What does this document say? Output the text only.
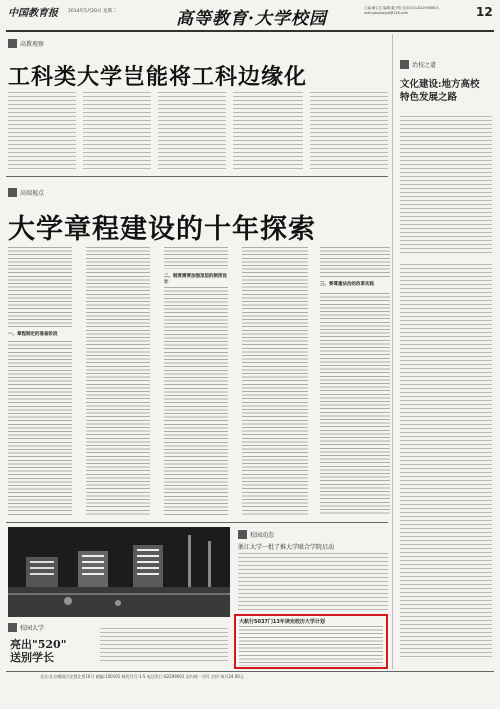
中国教育报 2014年5月20日 星期二	高等教育·大学校园
主编:储召生 编辑:董少校 电话:010-82296588 E-mail:gaojiaojyb@126.com	12
高教观察
工科类大学岂能将工科边缘化	治校之道
文化建设:地方高校
特色发展之路
高端视点
大学章程建设的十年探索
一、章程制定的准备阶段
二、制度需要加强顶层的制度设计	三、要尊重法治的改革实践
校园大学
亮出"520"
送别学长
校园动态
浙江大学一批了推大学联合学院启动
大航行5037门13年读完校历大学计划
北京:北京朝阳区安慧北里16号 邮编:100101 邮发代号:1-5 电话发行:82299001 国内统一刊号 定价:每月24.00元
